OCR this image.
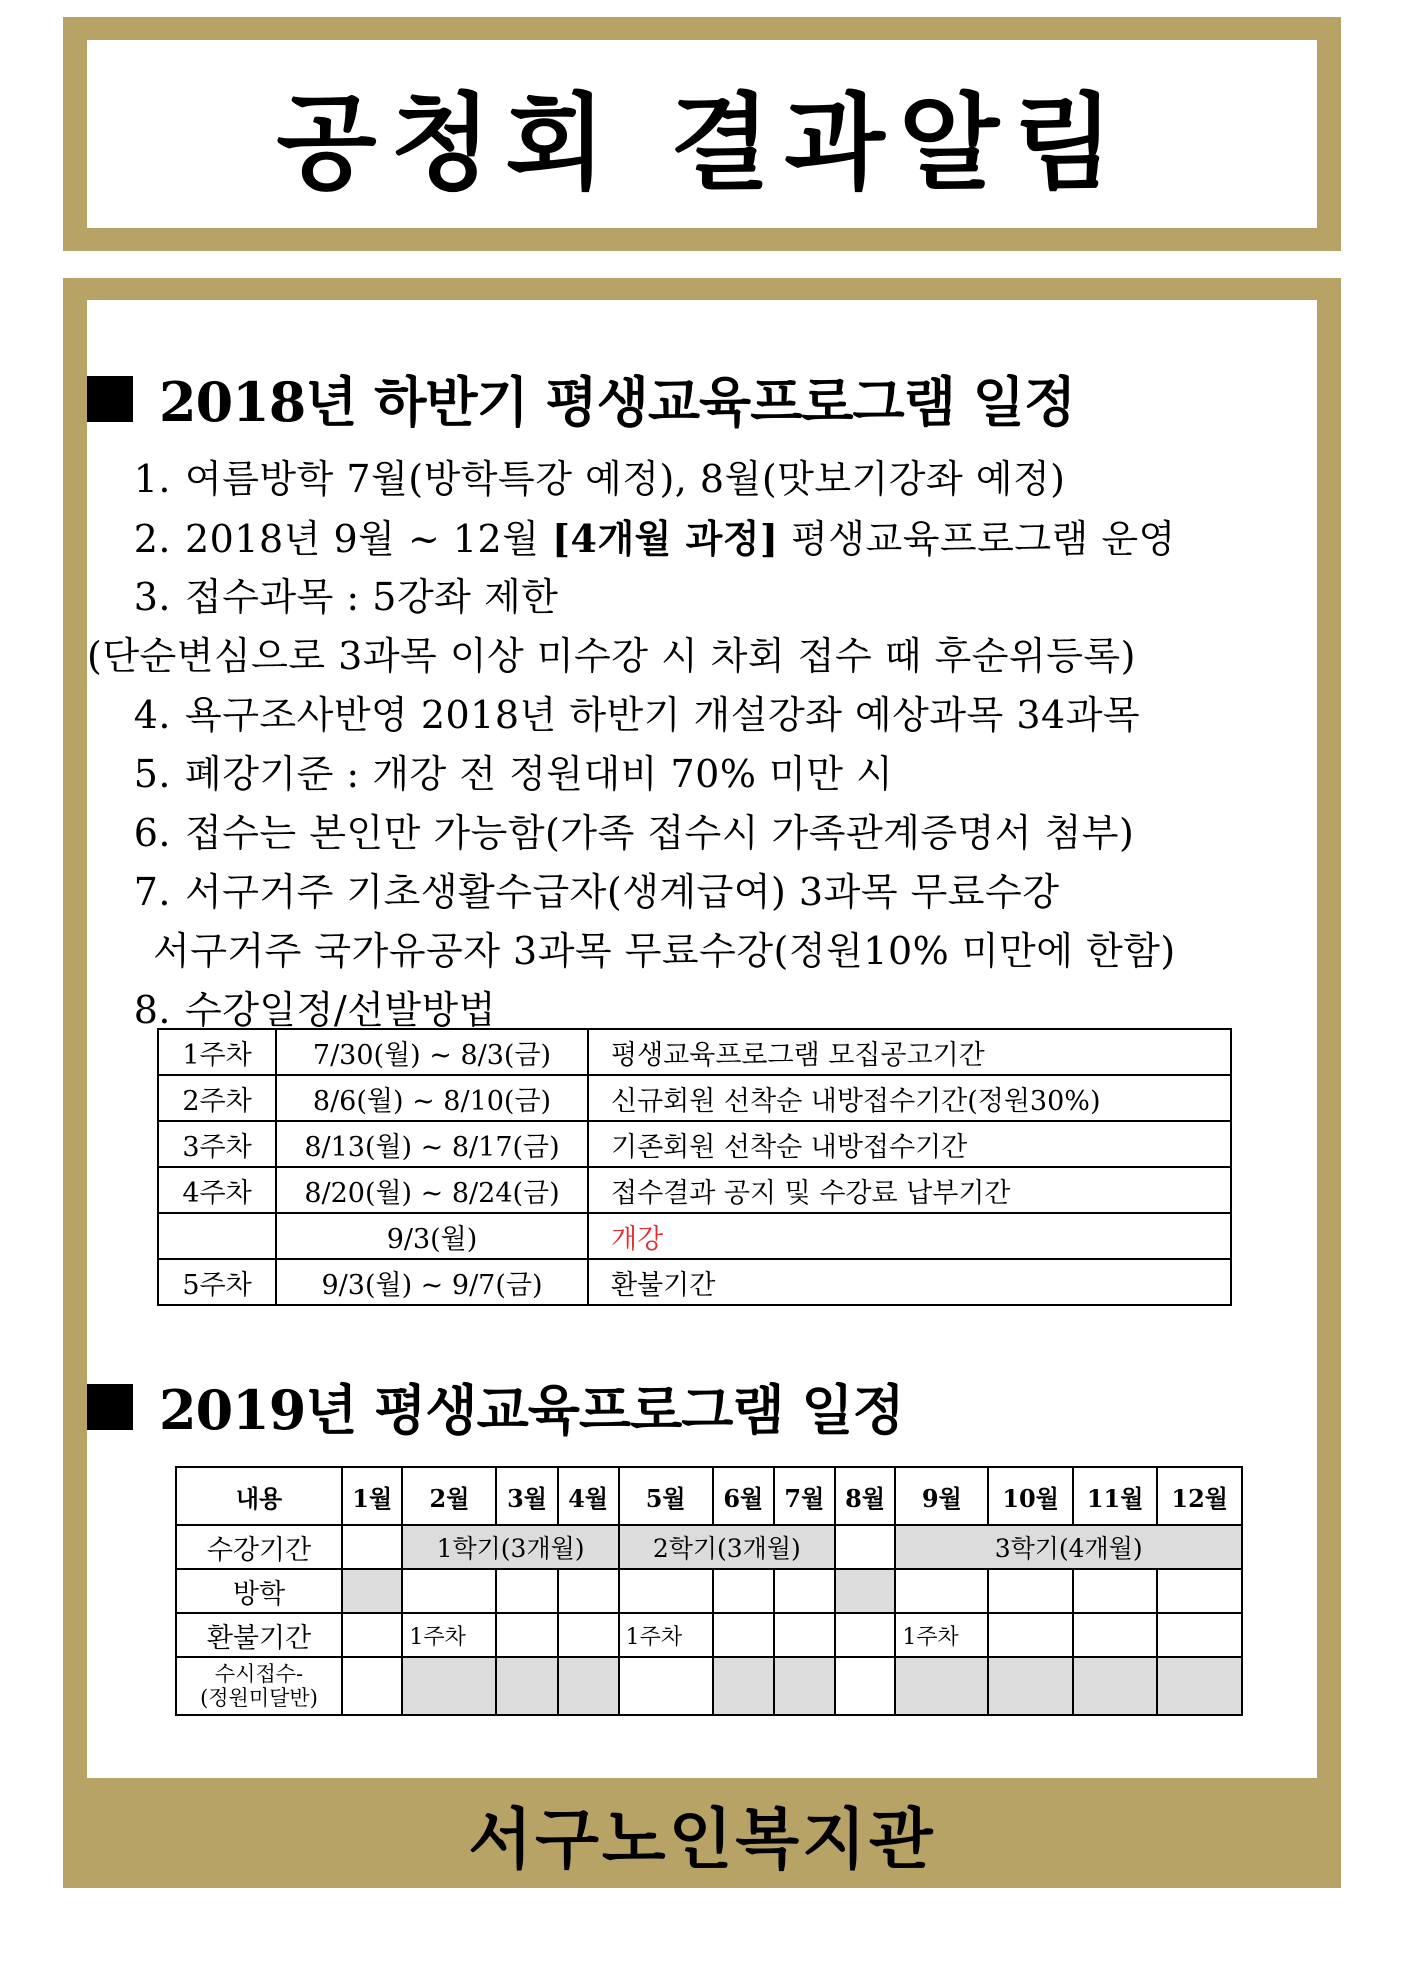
공청회 결과알림
2018년 하반기 평생교육프로그램 일정
1. 여름방학 7월(방학특강 예정), 8월(맛보기강좌 예정)
2. 2018년 9월 ~ 12월 [4개월 과정] 평생교육프로그램 운영
3. 접수과목 : 5강좌 제한
(단순변심으로 3과목 이상 미수강 시 차회 접수 때 후순위등록)
4. 욕구조사반영 2018년 하반기 개설강좌 예상과목 34과목
5. 폐강기준 : 개강 전 정원대비 70% 미만 시
6. 접수는 본인만 가능함(가족 접수시 가족관계증명서 첨부)
7. 서구거주 기초생활수급자(생계급여) 3과목 무료수강
서구거주 국가유공자 3과목 무료수강(정원10% 미만에 한함)
8. 수강일정/선발방법
1주차	7/30(월) ~ 8/3(금)	평생교육프로그램 모집공고기간
2주차	8/6(월) ~ 8/10(금)	신규회원 선착순 내방접수기간(정원30%)
3주차	8/13(월) ~ 8/17(금)	기존회원 선착순 내방접수기간
4주차	8/20(월) ~ 8/24(금)	접수결과 공지 및 수강료 납부기간
	9/3(월)	개강
5주차	9/3(월) ~ 9/7(금)	환불기간
2019년 평생교육프로그램 일정
내용	1월	2월	3월	4월	5월	6월	7월	8월	9월	10월	11월	12월
수강기간		1학기(3개월)			2학기(3개월)				3학기(4개월)			
방학												
환불기간		1주차			1주차				1주차			
수시접수-
(정원미달반)												
서구노인복지관
